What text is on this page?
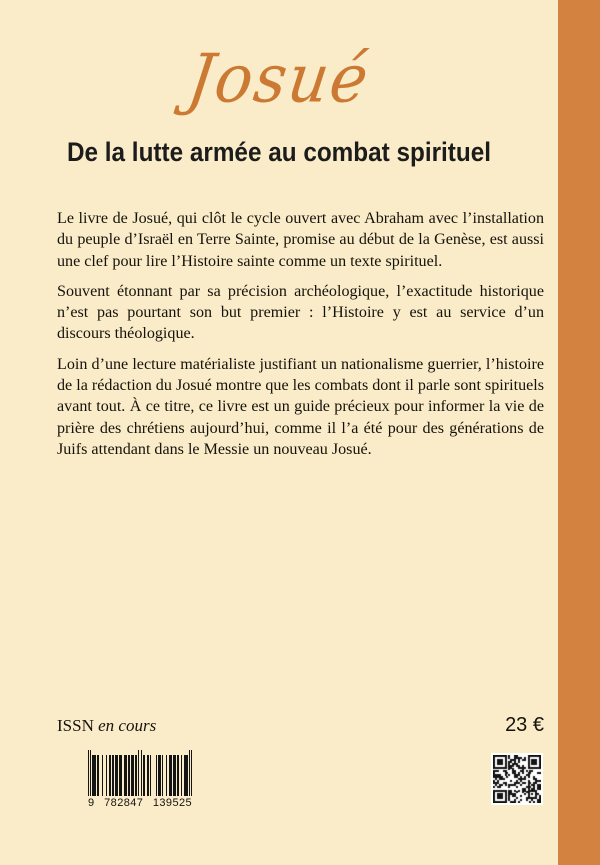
Josué
De la lutte armée au combat spirituel

Le livre de Josué, qui clôt le cycle ouvert avec Abraham avec l’installation du peuple d’Israël en Terre Sainte, promise au début de la Genèse, est aussi une clef pour lire l’Histoire sainte comme un texte spirituel.

Souvent étonnant par sa précision archéologique, l’exactitude historique n’est pas pourtant son but premier : l’Histoire y est au service d’un discours théologique.

Loin d’une lecture matérialiste justifiant un nationalisme guerrier, l’histoire de la rédaction du Josué montre que les combats dont il parle sont spirituels avant tout. À ce titre, ce livre est un guide précieux pour informer la vie de prière des chrétiens aujourd’hui, comme il l’a été pour des générations de Juifs attendant dans le Messie un nouveau Josué.

ISSN en cours	23 €
9 782847 139525
